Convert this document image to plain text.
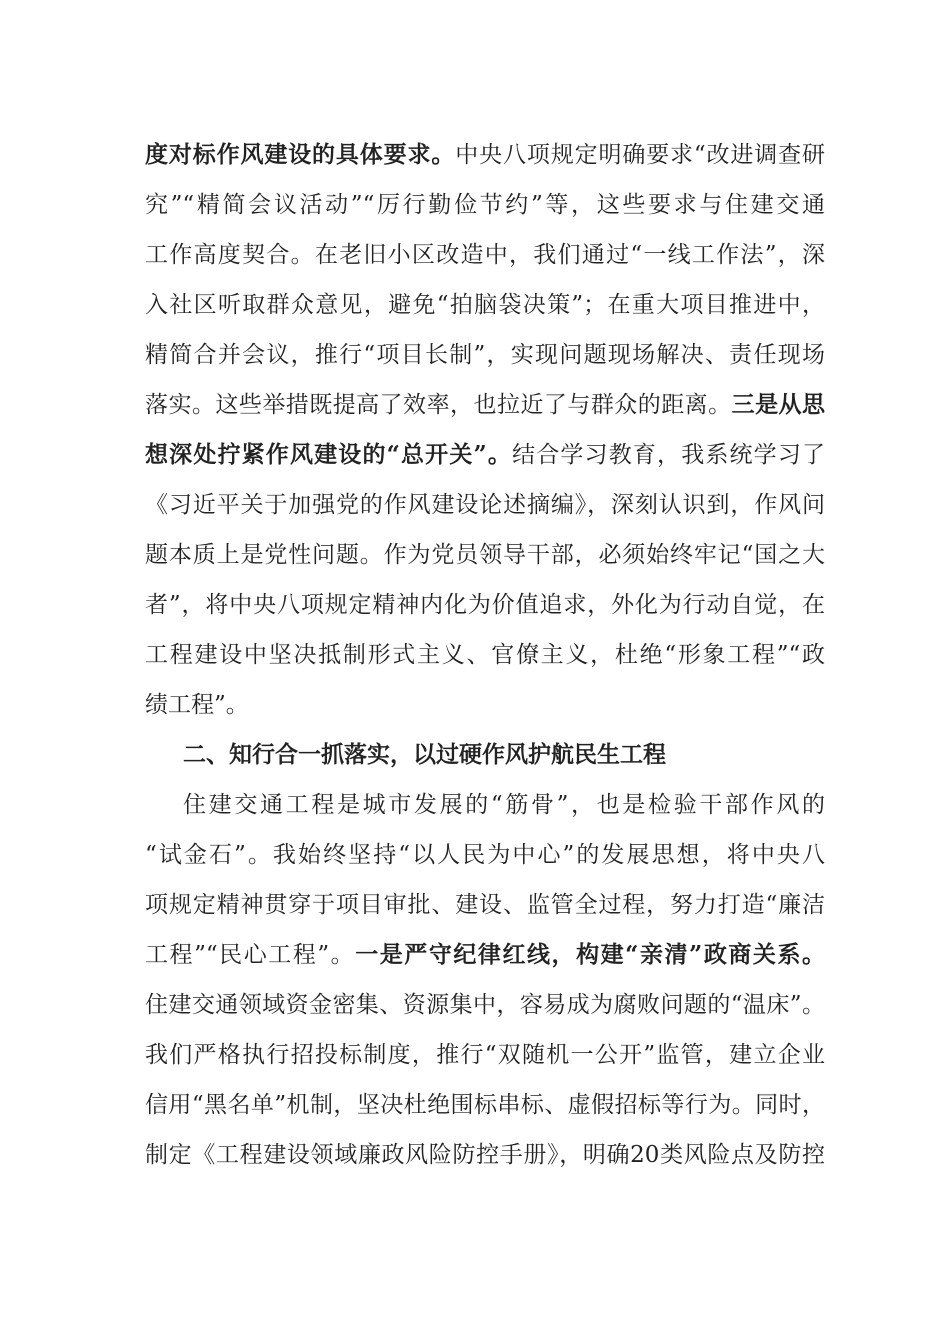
度对标作风建设的具体要求。中央八项规定明确要求“改进调查研
究”“精简会议活动”“厉行勤俭节约”等，这些要求与住建交通
工作高度契合。在老旧小区改造中，我们通过“一线工作法”，深
入社区听取群众意见，避免“拍脑袋决策”；在重大项目推进中，
精简合并会议，推行“项目长制”，实现问题现场解决、责任现场
落实。这些举措既提高了效率，也拉近了与群众的距离。三是从思
想深处拧紧作风建设的“总开关”。结合学习教育，我系统学习了
《习近平关于加强党的作风建设论述摘编》，深刻认识到，作风问
题本质上是党性问题。作为党员领导干部，必须始终牢记“国之大
者”，将中央八项规定精神内化为价值追求，外化为行动自觉，在
工程建设中坚决抵制形式主义、官僚主义，杜绝“形象工程”“政
绩工程”。
二、知行合一抓落实，以过硬作风护航民生工程
住建交通工程是城市发展的“筋骨”，也是检验干部作风的
“试金石”。我始终坚持“以人民为中心”的发展思想，将中央八
项规定精神贯穿于项目审批、建设、监管全过程，努力打造“廉洁
工程”“民心工程”。一是严守纪律红线，构建“亲清”政商关系。
住建交通领域资金密集、资源集中，容易成为腐败问题的“温床”。
我们严格执行招投标制度，推行“双随机一公开”监管，建立企业
信用“黑名单”机制，坚决杜绝围标串标、虚假招标等行为。同时，
制定《工程建设领域廉政风险防控手册》，明确20类风险点及防控
